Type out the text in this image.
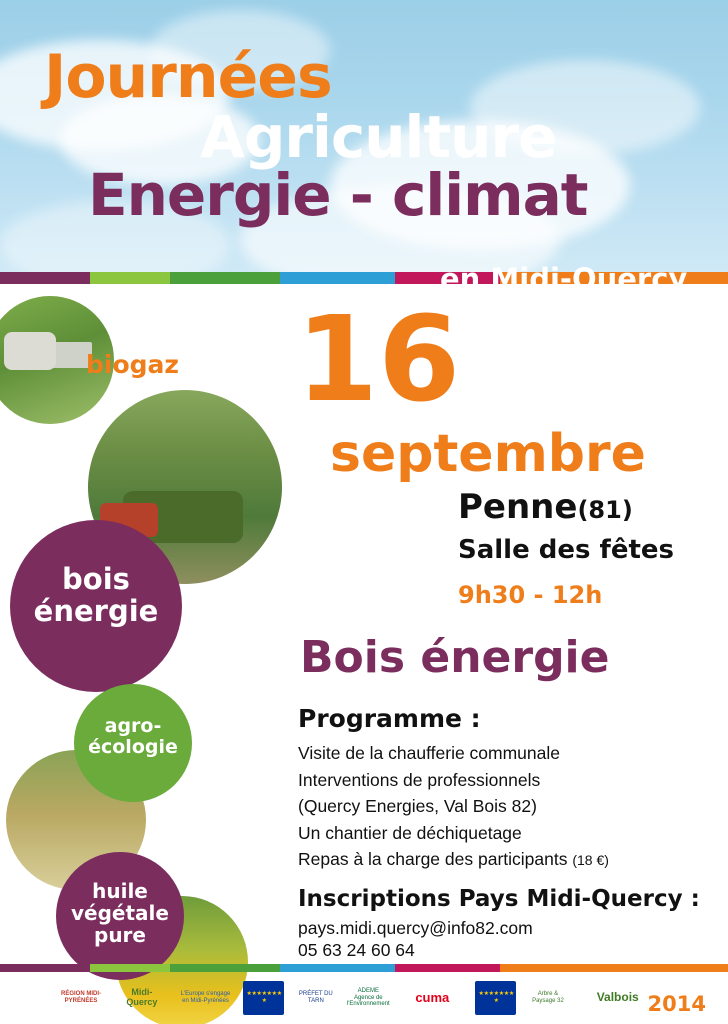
Journées
Agriculture
Energie - climat
en Midi-Quercy
biogaz
bois
énergie
agro-
écologie
huile
végétale
pure
16
septembre
Penne(81)
Salle des fêtes
9h30 - 12h
Bois énergie
Programme :
Visite de la chaufferie communale
Interventions de professionnels
(Quercy Energies, Val Bois 82)
Un chantier de déchiquetage
Repas à la charge des participants (18 €)
Inscriptions Pays Midi-Quercy :
pays.midi.quercy@info82.com
05 63 24 60 64
RÉGION MIDI-PYRÉNÉES
Midi-Quercy
L'Europe s'engage en Midi-Pyrénées
★ ★ ★ ★ ★ ★ ★ ★
PRÉFET DU TARN
ADEME Agence de l'Environnement	cuma	★ ★ ★ ★ ★ ★ ★ ★
Arbre & Paysage 32	Valbois 2014
